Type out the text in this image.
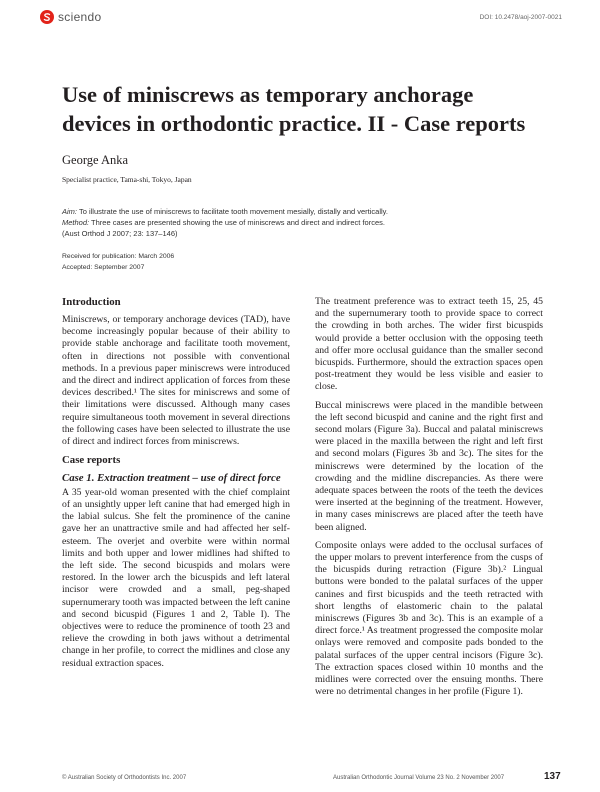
sciendo	DOI: 10.2478/aoj-2007-0021
Use of miniscrews as temporary anchorage devices in orthodontic practice. II - Case reports
George Anka
Specialist practice, Tama-shi, Tokyo, Japan

Aim: To illustrate the use of miniscrews to facilitate tooth movement mesially, distally and vertically.

Method: Three cases are presented showing the use of miniscrews and direct and indirect forces.

(Aust Orthod J 2007; 23: 137–146)

Received for publication: March 2006
Accepted: September 2007
Introduction

Miniscrews, or temporary anchorage devices (TAD), have become increasingly popular because of their ability to provide stable anchorage and facilitate tooth movement, often in directions not possible with conventional methods. In a previous paper miniscrews were introduced and the direct and indirect application of forces from these devices described.¹ The sites for miniscrews and some of their limitations were discussed. Although many cases require simultaneous tooth movement in several directions the following cases have been selected to illustrate the use of direct and indirect forces from miniscrews.

Case reports
Case 1. Extraction treatment – use of direct force

A 35 year-old woman presented with the chief complaint of an unsightly upper left canine that had emerged high in the labial sulcus. She felt the prominence of the canine gave her an unattractive smile and had affected her self-esteem. The overjet and overbite were within normal limits and both upper and lower midlines had shifted to the left side. The second bicuspids and molars were restored. In the lower arch the bicuspids and left lateral incisor were crowded and a small, peg-shaped supernumerary tooth was impacted between the left canine and second bicuspid (Figures 1 and 2, Table I). The objectives were to reduce the prominence of tooth 23 and relieve the crowding in both jaws without a detrimental change in her profile, to correct the midlines and close any residual extraction spaces.

The treatment preference was to extract teeth 15, 25, 45 and the supernumerary tooth to provide space to correct the crowding in both arches. The wider first bicuspids would provide a better occlusion with the opposing teeth and offer more occlusal guidance than the smaller second bicuspids. Furthermore, should the extraction spaces open post-treatment they would be less visible and easier to close.

Buccal miniscrews were placed in the mandible between the left second bicuspid and canine and the right first and second molars (Figure 3a). Buccal and palatal miniscrews were placed in the maxilla between the right and left first and second molars (Figures 3b and 3c). The sites for the miniscrews were determined by the location of the crowding and the midline discrepancies. As there were adequate spaces between the roots of the teeth the devices were inserted at the beginning of the treatment. However, in many cases miniscrews are placed after the teeth have been aligned.

Composite onlays were added to the occlusal surfaces of the upper molars to prevent interference from the cusps of the bicuspids during retraction (Figure 3b).² Lingual buttons were bonded to the palatal surfaces of the upper canines and first bicuspids and the teeth retracted with short lengths of elastomeric chain to the palatal miniscrews (Figures 3b and 3c). This is an example of a direct force.¹ As treatment progressed the composite molar onlays were removed and composite pads bonded to the palatal surfaces of the upper central incisors (Figure 3c). The extraction spaces closed within 10 months and the midlines were corrected over the ensuing months. There were no detrimental changes in her profile (Figure 1).

© Australian Society of Orthodontists Inc. 2007	Australian Orthodontic Journal Volume 23 No. 2 November 2007	137
